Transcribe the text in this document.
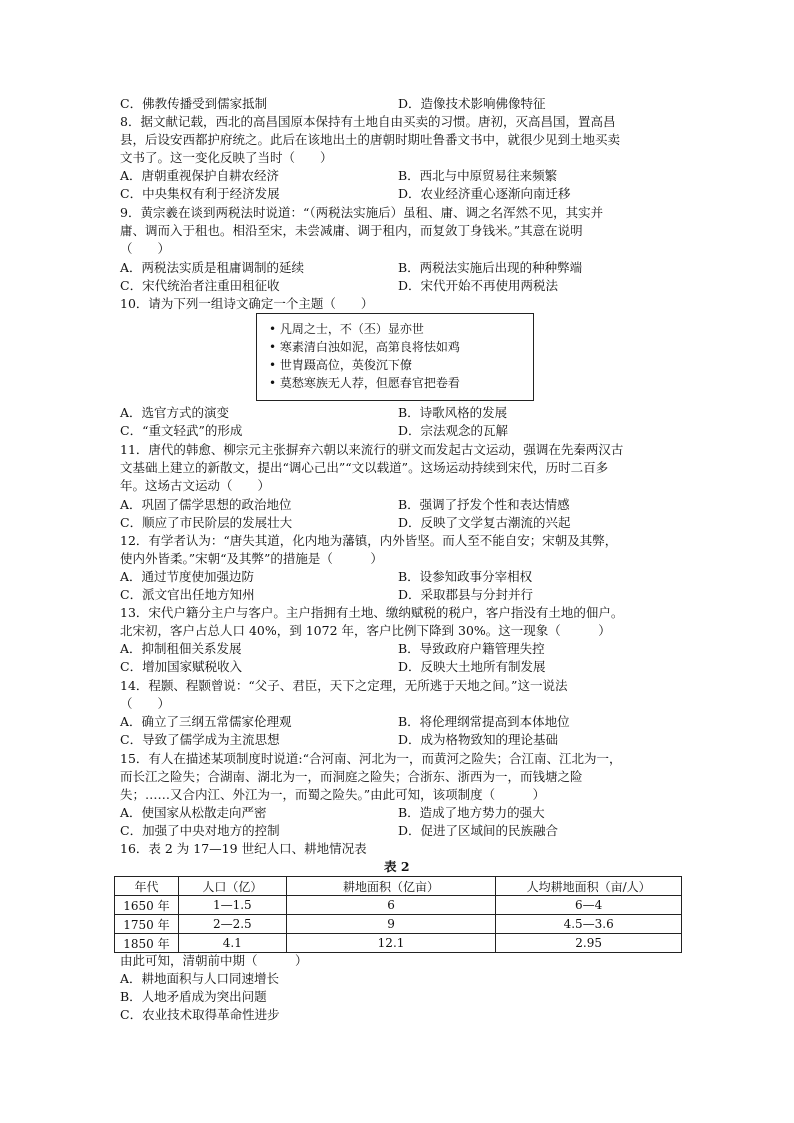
C．佛教传播受到儒家抵制	D．造像技术影响佛像特征
8．据文献记载，西北的高昌国原本保持有土地自由买卖的习惯。唐初，灭高昌国，置高昌
县，后设安西都护府统之。此后在该地出土的唐朝时期吐鲁番文书中，就很少见到土地买卖
文书了。这一变化反映了当时（　　）
A．唐朝重视保护自耕农经济	B．西北与中原贸易往来频繁
C．中央集权有利于经济发展	D．农业经济重心逐渐向南迁移
9．黄宗羲在谈到两税法时说道：“（两税法实施后）虽租、庸、调之名浑然不见，其实并
庸、调而入于租也。相沿至宋，未尝减庸、调于租内，而复敛丁身钱米。”其意在说明
（　　）
A．两税法实质是租庸调制的延续	B．两税法实施后出现的种种弊端
C．宋代统治者注重田租征收	D．宋代开始不再使用两税法
10．请为下列一组诗文确定一个主题（　　）
• 凡周之士，不（丕）显亦世
• 寒素清白浊如泥，高第良将怯如鸡
• 世胄蹑高位，英俊沉下僚
• 莫愁寒族无人荐，但愿春官把卷看
A．选官方式的演变	B．诗歌风格的发展
C．“重文轻武”的形成	D．宗法观念的瓦解
11．唐代的韩愈、柳宗元主张摒弃六朝以来流行的骈文而发起古文运动，强调在先秦两汉古
文基础上建立的新散文，提出“调心己出”“文以载道”。这场运动持续到宋代，历时二百多
年。这场古文运动（　　）
A．巩固了儒学思想的政治地位	B．强调了抒发个性和表达情感
C．顺应了市民阶层的发展壮大	D．反映了文学复古潮流的兴起
12．有学者认为：“唐失其道，化内地为藩镇，内外皆坚。而人至不能自安；宋朝及其弊，
使内外皆柔。”宋朝“及其弊”的措施是（　　　）
A．通过节度使加强边防	B．设参知政事分宰相权
C．派文官出任地方知州	D．采取郡县与分封并行
13．宋代户籍分主户与客户。主户指拥有土地、缴纳赋税的税户，客户指没有土地的佃户。
北宋初，客户占总人口 40%，到 1072 年，客户比例下降到 30%。这一现象（　　　）
A．抑制租佃关系发展	B．导致政府户籍管理失控
C．增加国家赋税收入	D．反映大土地所有制发展
14．程颢、程颢曾说：“父子、君臣，天下之定理，无所逃于天地之间。”这一说法
（　　）
A．确立了三纲五常儒家伦理观	B．将伦理纲常提高到本体地位
C．导致了儒学成为主流思想	D．成为格物致知的理论基础
15．有人在描述某项制度时说道:“合河南、河北为一，而黄河之险失；合江南、江北为一，
而长江之险失；合湖南、湖北为一，而洞庭之险失；合浙东、浙西为一，而钱塘之险
失；……又合内江、外江为一，而蜀之险失。”由此可知，该项制度（　　　）
A．使国家从松散走向严密	B．造成了地方势力的强大
C．加强了中央对地方的控制	D．促进了区域间的民族融合
16．表 2 为 17—19 世纪人口、耕地情况表
表 2
年代	人口（亿）	耕地面积（亿亩）	人均耕地面积（亩/人）
1650 年	1—1.5	6	6—4
1750 年	2—2.5	9	4.5—3.6
1850 年	4.1	12.1	2.95
由此可知，清朝前中期（　　　）
A．耕地面积与人口同速增长
B．人地矛盾成为突出问题
C．农业技术取得革命性进步
